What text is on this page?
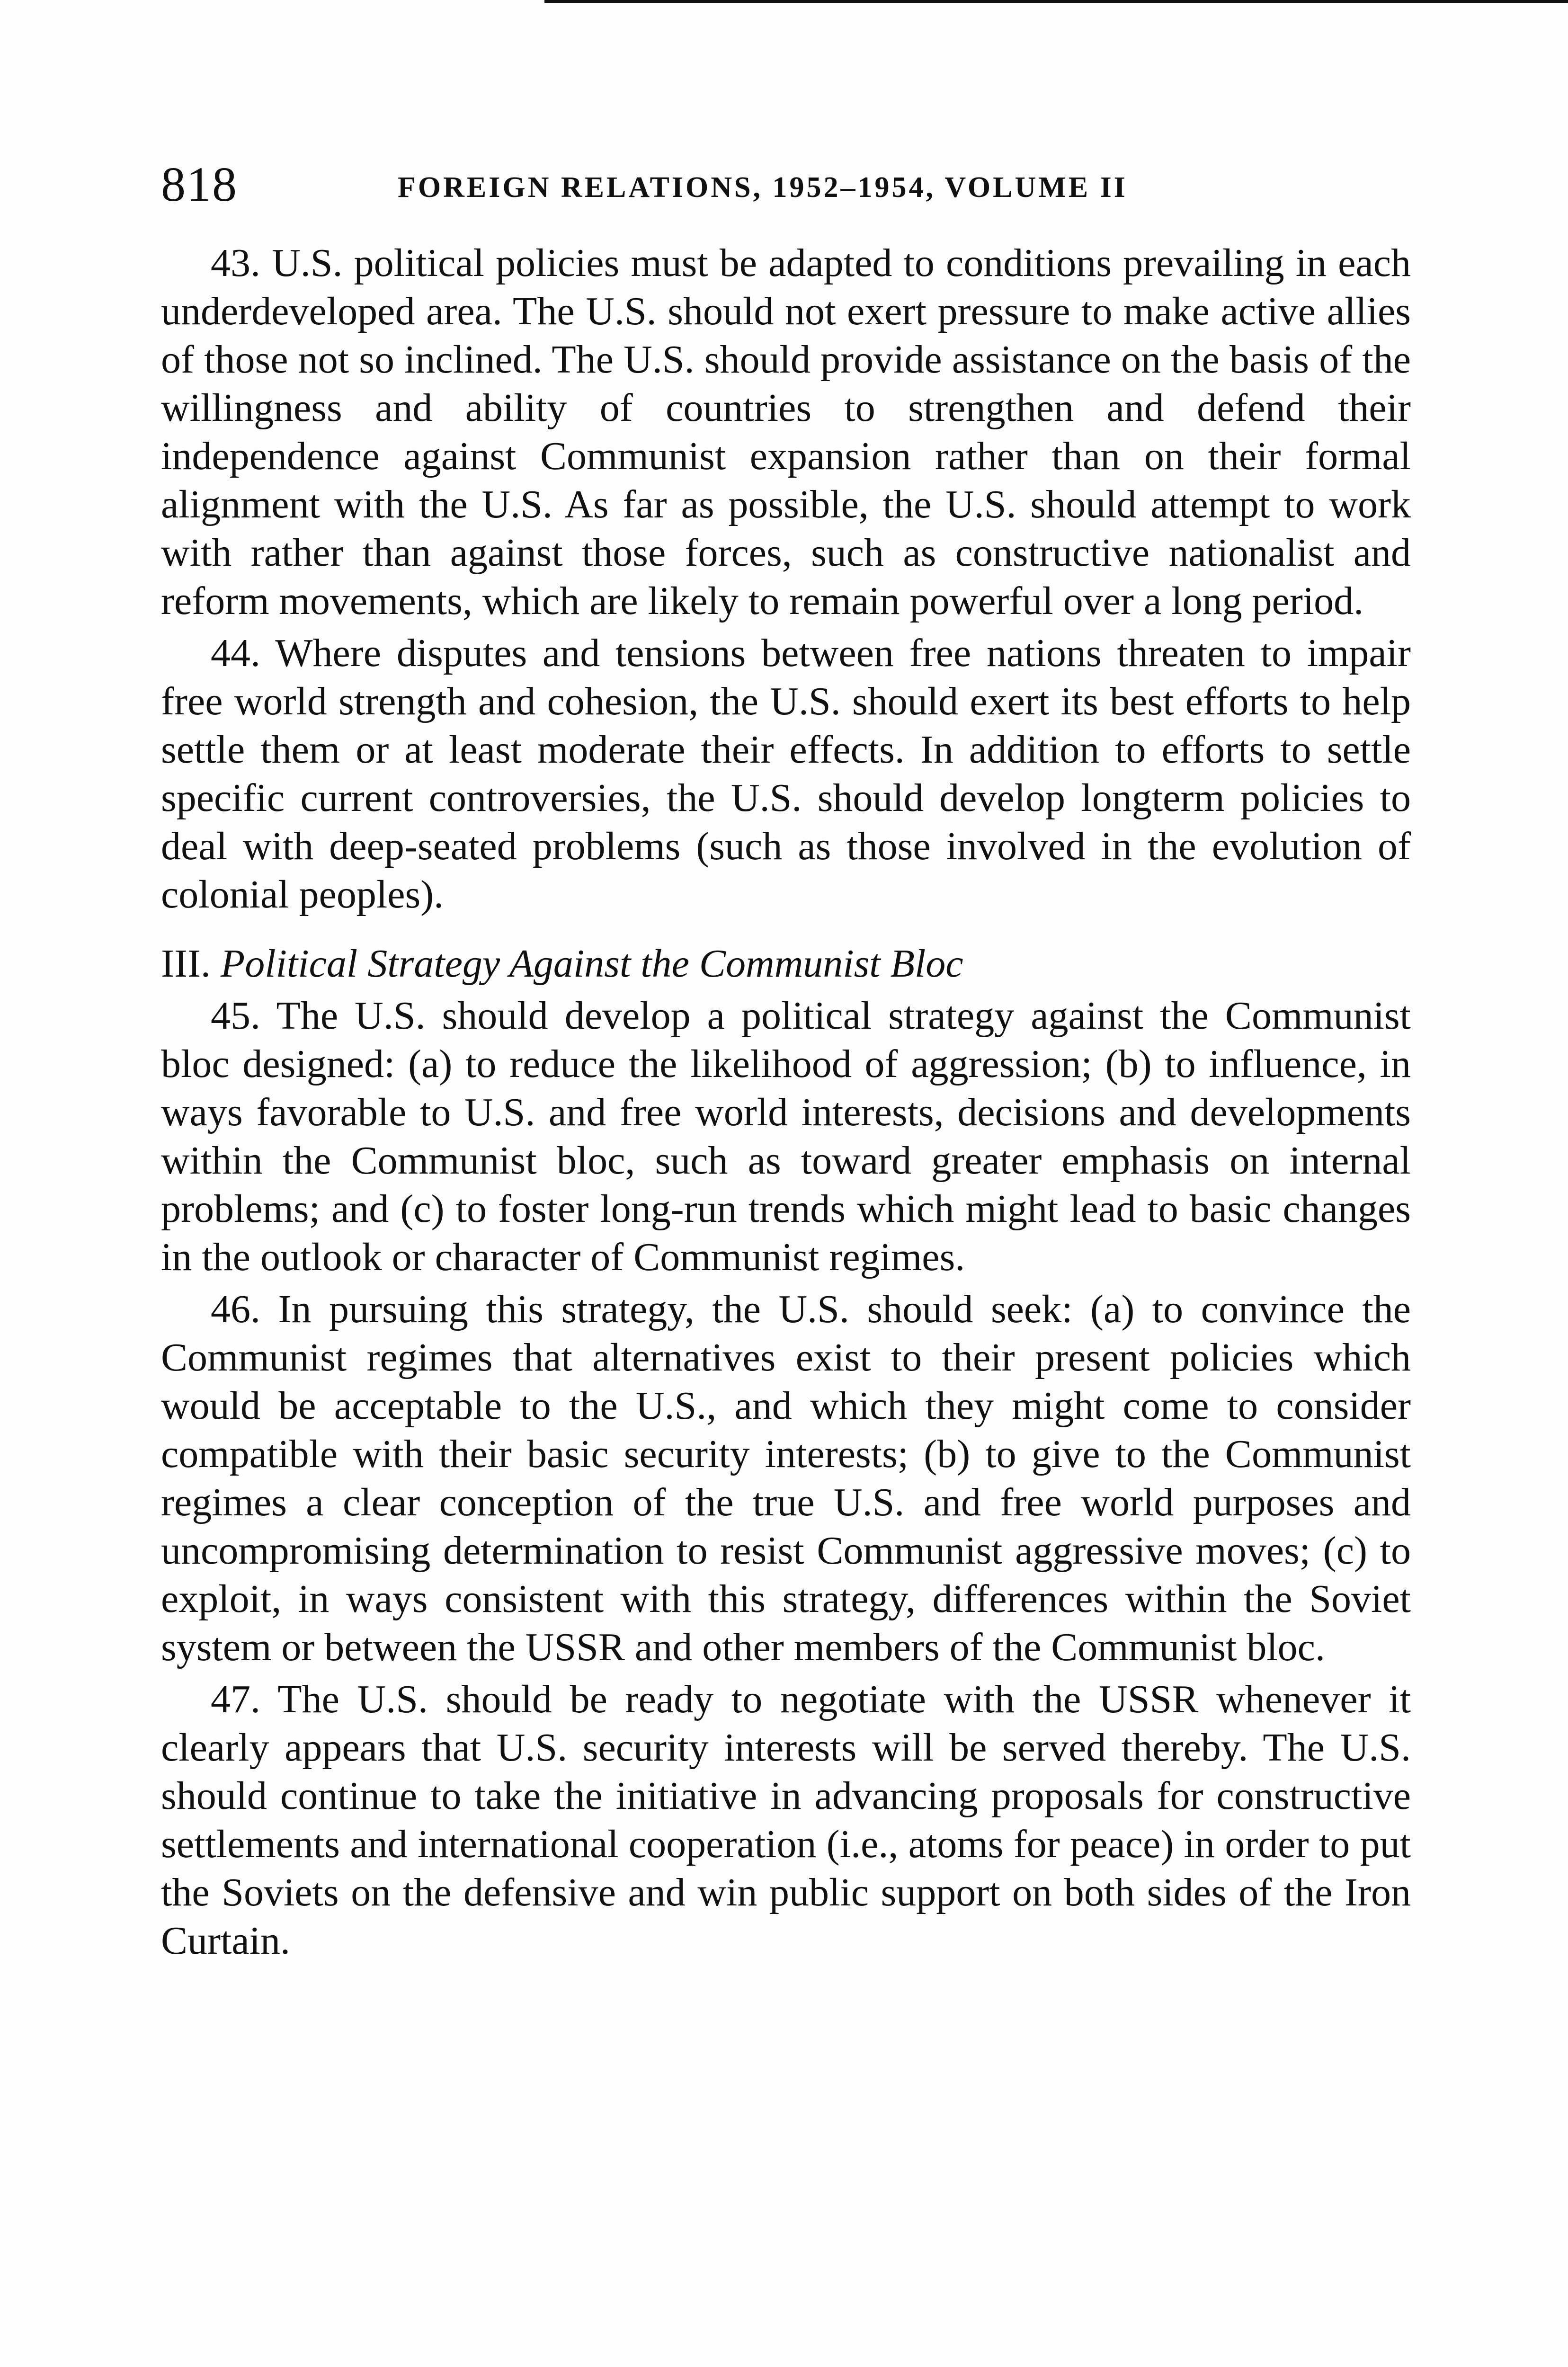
818	FOREIGN RELATIONS, 1952–1954, VOLUME II

43. U.S. political policies must be adapted to conditions prevailing in each underdeveloped area. The U.S. should not exert pressure to make active allies of those not so inclined. The U.S. should provide assistance on the basis of the willingness and ability of countries to strengthen and defend their independence against Communist expansion rather than on their formal alignment with the U.S. As far as possible, the U.S. should attempt to work with rather than against those forces, such as constructive nationalist and reform movements, which are likely to remain powerful over a long period.

44. Where disputes and tensions between free nations threaten to impair free world strength and cohesion, the U.S. should exert its best efforts to help settle them or at least moderate their effects. In addition to efforts to settle specific current controversies, the U.S. should develop longterm policies to deal with deep-seated problems (such as those involved in the evolution of colonial peoples).

III. Political Strategy Against the Communist Bloc

45. The U.S. should develop a political strategy against the Communist bloc designed: (a) to reduce the likelihood of aggression; (b) to influence, in ways favorable to U.S. and free world interests, decisions and developments within the Communist bloc, such as toward greater emphasis on internal problems; and (c) to foster long-run trends which might lead to basic changes in the outlook or character of Communist regimes.

46. In pursuing this strategy, the U.S. should seek: (a) to convince the Communist regimes that alternatives exist to their present policies which would be acceptable to the U.S., and which they might come to consider compatible with their basic security interests; (b) to give to the Communist regimes a clear conception of the true U.S. and free world purposes and uncompromising determination to resist Communist aggressive moves; (c) to exploit, in ways consistent with this strategy, differences within the Soviet system or between the USSR and other members of the Communist bloc.

47. The U.S. should be ready to negotiate with the USSR whenever it clearly appears that U.S. security interests will be served thereby. The U.S. should continue to take the initiative in advancing proposals for constructive settlements and international cooperation (i.e., atoms for peace) in order to put the Soviets on the defensive and win public support on both sides of the Iron Curtain.
